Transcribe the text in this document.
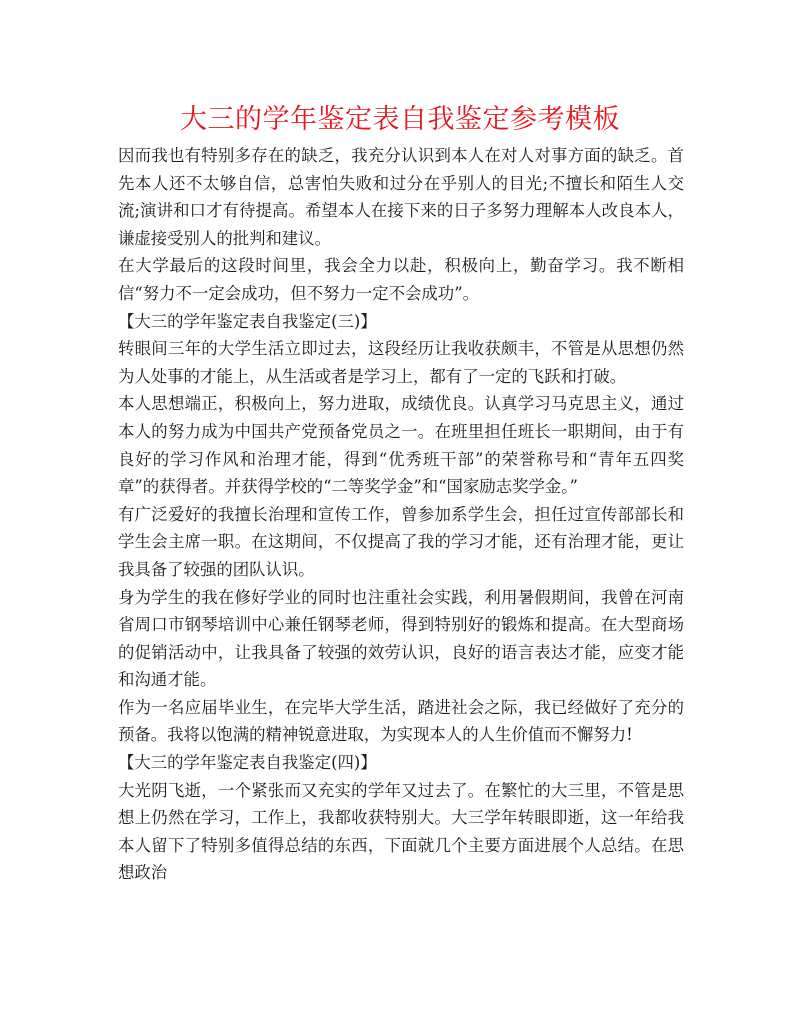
大三的学年鉴定表自我鉴定参考模板

因而我也有特别多存在的缺乏，我充分认识到本人在对人对事方面的缺乏。首先本人还不太够自信，总害怕失败和过分在乎别人的目光;不擅长和陌生人交流;演讲和口才有待提高。希望本人在接下来的日子多努力理解本人改良本人，谦虚接受别人的批判和建议。

在大学最后的这段时间里，我会全力以赴，积极向上，勤奋学习。我不断相信“努力不一定会成功，但不努力一定不会成功”。

【大三的学年鉴定表自我鉴定(三)】

转眼间三年的大学生活立即过去，这段经历让我收获颇丰，不管是从思想仍然为人处事的才能上，从生活或者是学习上，都有了一定的飞跃和打破。

本人思想端正，积极向上，努力进取，成绩优良。认真学习马克思主义，通过本人的努力成为中国共产党预备党员之一。在班里担任班长一职期间，由于有良好的学习作风和治理才能，得到“优秀班干部”的荣誉称号和“青年五四奖章”的获得者。并获得学校的“二等奖学金”和“国家励志奖学金。”

有广泛爱好的我擅长治理和宣传工作，曾参加系学生会，担任过宣传部部长和学生会主席一职。在这期间，不仅提高了我的学习才能，还有治理才能，更让我具备了较强的团队认识。

身为学生的我在修好学业的同时也注重社会实践，利用暑假期间，我曾在河南省周口市钢琴培训中心兼任钢琴老师，得到特别好的锻炼和提高。在大型商场的促销活动中，让我具备了较强的效劳认识，良好的语言表达才能，应变才能和沟通才能。

作为一名应届毕业生，在完毕大学生活，踏进社会之际，我已经做好了充分的预备。我将以饱满的精神锐意进取，为实现本人的人生价值而不懈努力!

【大三的学年鉴定表自我鉴定(四)】

大光阴飞逝，一个紧张而又充实的学年又过去了。在繁忙的大三里，不管是思想上仍然在学习，工作上，我都收获特别大。大三学年转眼即逝，这一年给我本人留下了特别多值得总结的东西，下面就几个主要方面进展个人总结。在思想政治
